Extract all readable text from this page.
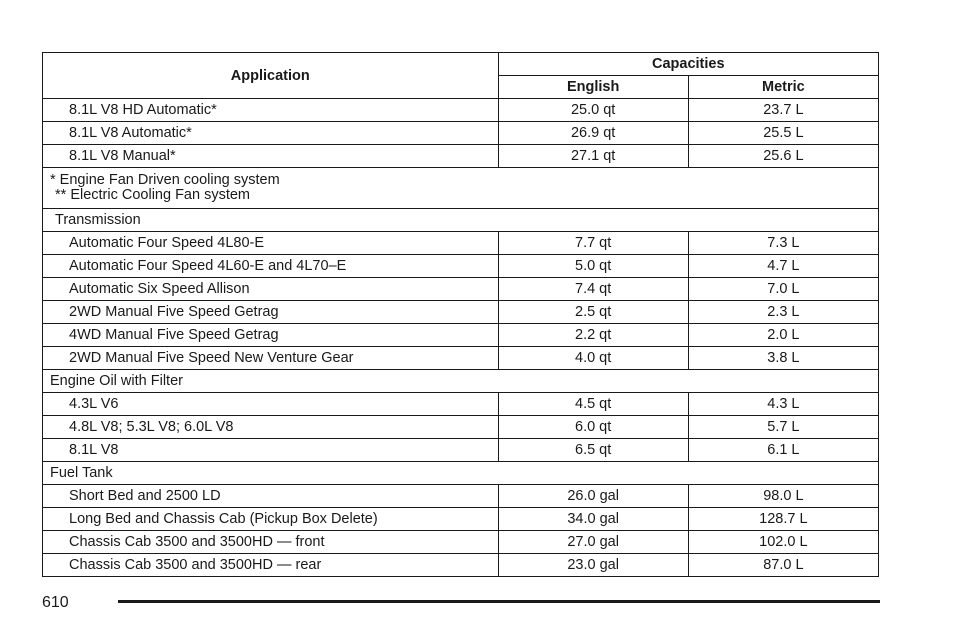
Application	Capacities	
	English	Metric
8.1L V8 HD Automatic*	25.0 qt	23.7 L
8.1L V8 Automatic*	26.9 qt	25.5 L
8.1L V8 Manual*	27.1 qt	25.6 L

* Engine Fan Driven cooling system
** Electric Cooling Fan system		

Transmission		
Automatic Four Speed 4L80-E	7.7 qt	7.3 L
Automatic Four Speed 4L60-E and 4L70–E	5.0 qt	4.7 L
Automatic Six Speed Allison	7.4 qt	7.0 L
2WD Manual Five Speed Getrag	2.5 qt	2.3 L
4WD Manual Five Speed Getrag	2.2 qt	2.0 L
2WD Manual Five Speed New Venture Gear	4.0 qt	3.8 L
Engine Oil with Filter		
4.3L V6	4.5 qt	4.3 L
4.8L V8; 5.3L V8; 6.0L V8	6.0 qt	5.7 L
8.1L V8	6.5 qt	6.1 L
Fuel Tank		
Short Bed and 2500 LD	26.0 gal	98.0 L
Long Bed and Chassis Cab (Pickup Box Delete)	34.0 gal	128.7 L
Chassis Cab 3500 and 3500HD — front	27.0 gal	102.0 L
Chassis Cab 3500 and 3500HD — rear	23.0 gal	87.0 L
610
